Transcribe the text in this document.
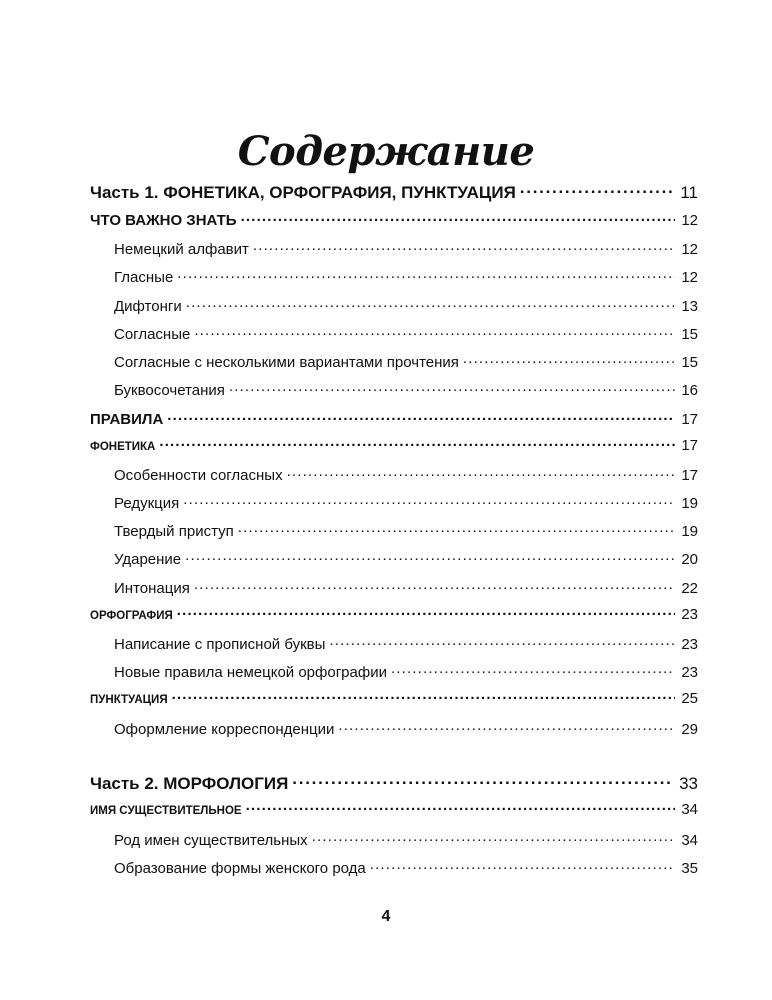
Содержание
Часть 1. ФОНЕТИКА, ОРФОГРАФИЯ, ПУНКТУАЦИЯ . . .	11
ЧТО ВАЖНО ЗНАТЬ . . .	12
Немецкий алфавит . . .	12
Гласные . . .	12
Дифтонги . . .	13
Согласные . . .	15
Согласные с несколькими вариантами прочтения . . .	15
Буквосочетания . . .	16
ПРАВИЛА . . .	17
ФОНЕТИКА . . .	17
Особенности согласных . . .	17
Редукция . . .	19
Твердый приступ . . .	19
Ударение . . .	20
Интонация . . .	22
ОРФОГРАФИЯ . . .	23
Написание с прописной буквы . . .	23
Новые правила немецкой орфографии . . .	23
ПУНКТУАЦИЯ . . .	25
Оформление корреспонденции . . .	29
Часть 2. МОРФОЛОГИЯ . . .	33
ИМЯ СУЩЕСТВИТЕЛЬНОЕ . . .	34
Род имен существительных . . .	34
Образование формы женского рода . . .	35
4
